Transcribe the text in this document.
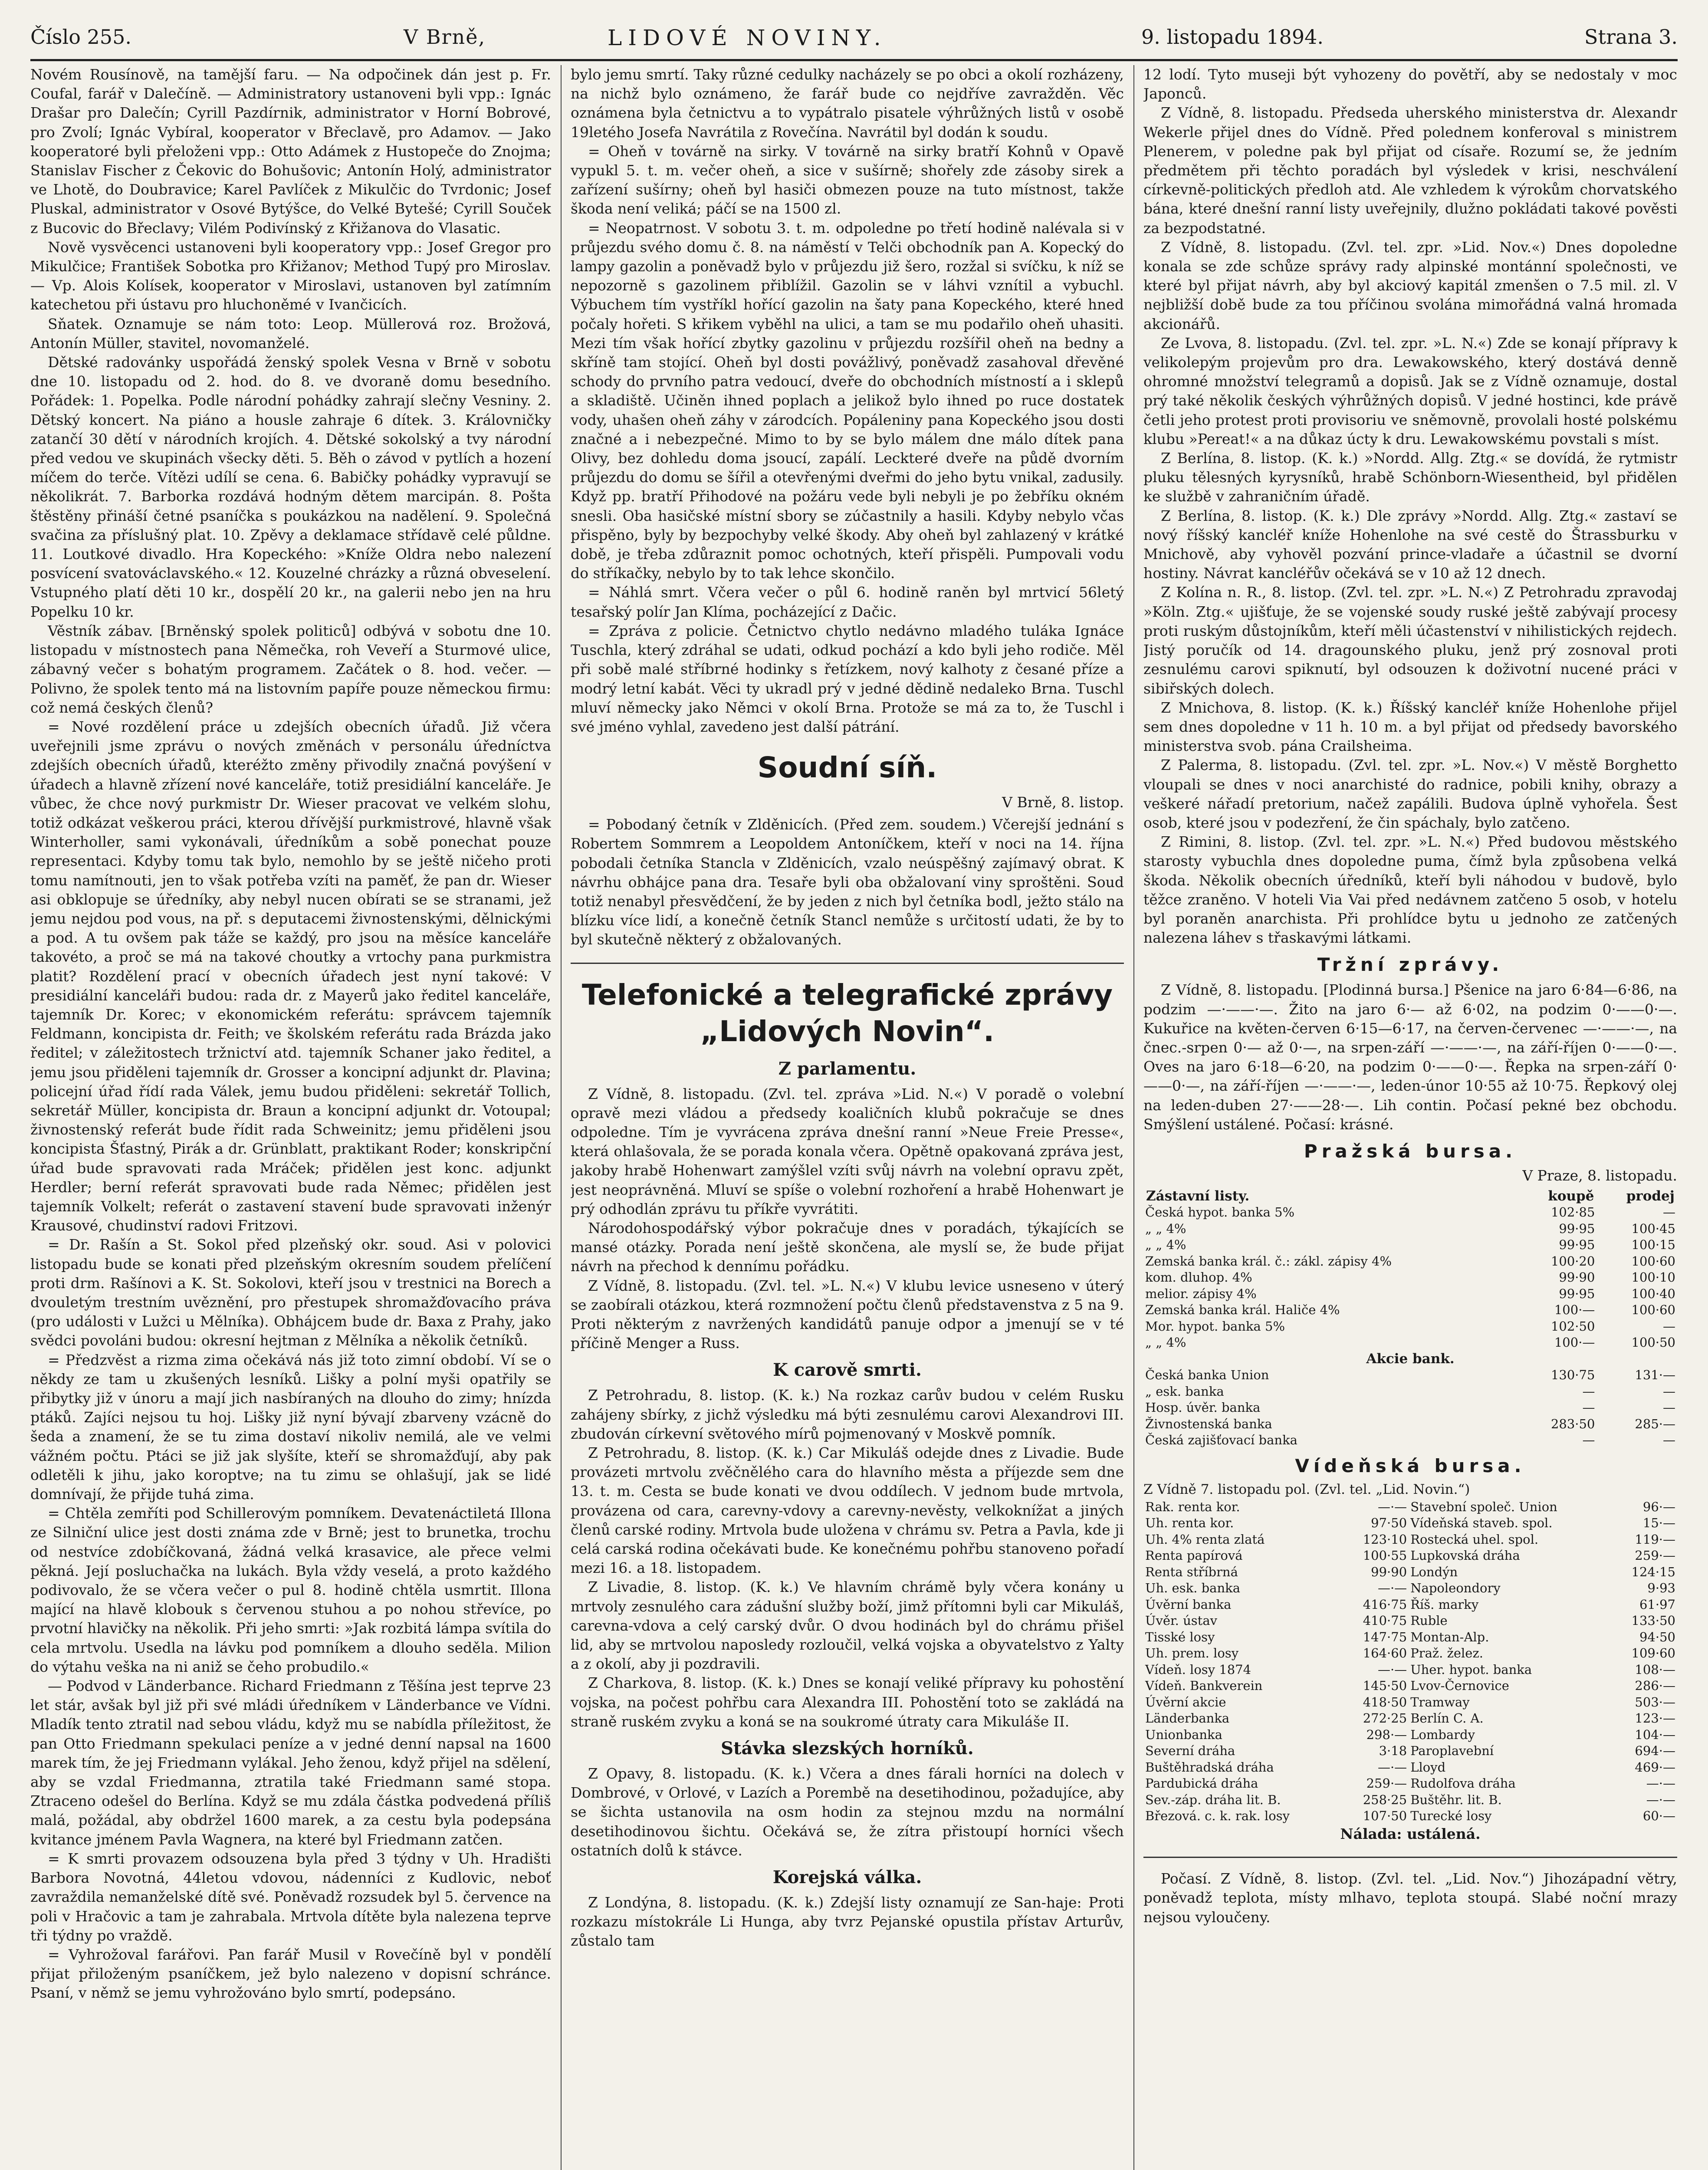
Číslo 255.	V Brně,	LIDOVÉ NOVINY.	9. listopadu 1894.	Strana 3.

Novém Rousínově, na tamější faru. — Na odpočinek dán jest p. Fr. Coufal, farář v Dalečíně. — Administratory ustanoveni byli vpp.: Ignác Drašar pro Dalečín; Cyrill Pazdírnik, administrator v Horní Bobrové, pro Zvolí; Ignác Vybíral, kooperator v Břeclavě, pro Adamov. — Jako kooperatoré byli přeloženi vpp.: Otto Adámek z Hustopeče do Znojma; Stanislav Fischer z Čekovic do Bohušovic; Antonín Holý, administrator ve Lhotě, do Doubravice; Karel Pavlíček z Mikulčic do Tvrdonic; Josef Pluskal, administrator v Osové Bytýšce, do Velké Bytešé; Cyrill Souček z Bucovic do Břeclavy; Vilém Podivínský z Křižanova do Vlasatic.

Nově vysvěcenci ustanoveni byli kooperatory vpp.: Josef Gregor pro Mikulčice; František Sobotka pro Křižanov; Method Tupý pro Miroslav. — Vp. Alois Kolísek, kooperator v Miroslavi, ustanoven byl zatímním katechetou při ústavu pro hluchoněmé v Ivančicích.

Sňatek. Oznamuje se nám toto: Leop. Müllerová roz. Brožová, Antonín Müller, stavitel, novomanželé.

Dětské radovánky uspořádá ženský spolek Vesna v Brně v sobotu dne 10. listopadu od 2. hod. do 8. ve dvoraně domu besedního. Pořádek: 1. Popelka. Podle národní pohádky zahrají slečny Vesniny. 2. Dětský koncert. Na piáno a housle zahraje 6 dítek. 3. Královničky zatančí 30 dětí v národních krojích. 4. Dětské sokolský a tvy národní před vedou ve skupinách všecky děti. 5. Běh o závod v pytlích a hození míčem do terče. Vítězi udílí se cena. 6. Babičky pohádky vypravují se několikrát. 7. Barborka rozdává hodným dětem marcipán. 8. Pošta štěstěny přináší četné psaníčka s poukázkou na nadělení. 9. Společná svačina za příslušný plat. 10. Zpěvy a deklamace střídavě celé půldne. 11. Loutkové divadlo. Hra Kopeckého: »Kníže Oldra nebo nalezení posvícení svatováclavského.« 12. Kouzelné chrázky a různá obveselení. Vstupného platí děti 10 kr., dospělí 20 kr., na galerii nebo jen na hru Popelku 10 kr.

Věstník zábav. [Brněnský spolek politiců] odbývá v sobotu dne 10. listopadu v místnostech pana Němečka, roh Veveří a Sturmové ulice, zábavný večer s bohatým programem. Začátek o 8. hod. večer. — Polivno, že spolek tento má na listovním papíře pouze německou firmu: což nemá českých členů?

= Nové rozdělení práce u zdejších obecních úřadů. Již včera uveřejnili jsme zprávu o nových změnách v personálu úředníctva zdejších obecních úřadů, kteréžto změny přivodily značná povýšení v úřadech a hlavně zřízení nové kanceláře, totiž presidiální kanceláře. Je vůbec, že chce nový purkmistr Dr. Wieser pracovat ve velkém slohu, totiž odkázat veškerou práci, kterou dřívější purkmistrové, hlavně však Winterholler, sami vykonávali, úředníkům a sobě ponechat pouze representaci. Kdyby tomu tak bylo, nemohlo by se ještě ničeho proti tomu namítnouti, jen to však potřeba vzíti na paměť, že pan dr. Wieser asi obklopuje se úředníky, aby nebyl nucen obírati se se stranami, jež jemu nejdou pod vous, na př. s deputacemi živnostenskými, dělnickými a pod. A tu ovšem pak táže se každý, pro jsou na měsíce kanceláře takovéto, a proč se má na takové choutky a vrtochy pana purkmistra platit? Rozdělení prací v obecních úřadech jest nyní takové: V presidiální kanceláři budou: rada dr. z Mayerů jako ředitel kanceláře, tajemník Dr. Korec; v ekonomickém referátu: správcem tajemník Feldmann, koncipista dr. Feith; ve školském referátu rada Brázda jako ředitel; v záležitostech tržnictví atd. tajemník Schaner jako ředitel, a jemu jsou přiděleni tajemník dr. Grosser a koncipní adjunkt dr. Plavina; policejní úřad řídí rada Válek, jemu budou přiděleni: sekretář Tollich, sekretář Müller, koncipista dr. Braun a koncipní adjunkt dr. Votoupal; živnostenský referát bude řídit rada Schweinitz; jemu přiděleni jsou koncipista Šťastný, Pirák a dr. Grünblatt, praktikant Roder; konskripční úřad bude spravovati rada Mráček; přidělen jest konc. adjunkt Herdler; berní referát spravovati bude rada Němec; přidělen jest tajemník Volkelt; referát o zastavení stavení bude spravovati inženýr Krausové, chudinství radovi Fritzovi.

= Dr. Rašín a St. Sokol před plzeňský okr. soud. Asi v polovici listopadu bude se konati před plzeňským okresním soudem přelíčení proti drm. Rašínovi a K. St. Sokolovi, kteří jsou v trestnici na Borech a dvouletým trestním uvěznění, pro přestupek shromažďovacího práva (pro události v Lužci u Mělníka). Obhájcem bude dr. Baxa z Prahy, jako svědci povoláni budou: okresní hejtman z Mělníka a několik četníků.

= Předzvěst a rizma zima očekává nás již toto zimní období. Ví se o někdy ze tam u zkušených lesníků. Lišky a polní myši opatřily se přibytky již v únoru a mají jich nasbíraných na dlouho do zimy; hnízda ptáků. Zajíci nejsou tu hoj. Lišky již nyní bývají zbarveny vzácně do šeda a znamení, že se tu zima dostaví nikoliv nemilá, ale ve velmi vážném počtu. Ptáci se již jak slyšíte, kteří se shromažďují, aby pak odletěli k jihu, jako koroptve; na tu zimu se ohlašují, jak se lidé domnívají, že přijde tuhá zima.

= Chtěla zemříti pod Schillerovým pomníkem. Devatenáctiletá Illona ze Silniční ulice jest dosti známa zde v Brně; jest to brunetka, trochu od nestvíce zdobíčkovaná, žádná velká krasavice, ale přece velmi pěkná. Její posluchačka na lukách. Byla vždy veselá, a proto každého podivovalo, že se včera večer o pul 8. hodině chtěla usmrtit. Illona mající na hlavě klobouk s červenou stuhou a po nohou střevíce, po prvotní hlavičky na několik. Při jeho smrti: »Jak rozbitá lámpa svítila do cela mrtvolu. Usedla na lávku pod pomníkem a dlouho seděla. Milion do výtahu veška na ni aniž se čeho probudilo.«

— Podvod v Länderbance. Richard Friedmann z Těšína jest teprve 23 let stár, avšak byl již při své mládi úředníkem v Länderbance ve Vídni. Mladík tento ztratil nad sebou vládu, když mu se nabídla příležitost, že pan Otto Friedmann spekulaci peníze a v jedné denní napsal na 1600 marek tím, že jej Friedmann vylákal. Jeho ženou, když přijel na sdělení, aby se vzdal Friedmanna, ztratila také Friedmann samé stopa. Ztraceno odešel do Berlína. Když se mu zdála částka podvedená příliš malá, požádal, aby obdržel 1600 marek, a za cestu byla podepsána kvitance jménem Pavla Wagnera, na které byl Friedmann zatčen.

= K smrti provazem odsouzena byla před 3 týdny v Uh. Hradišti Barbora Novotná, 44letou vdovou, nádenníci z Kudlovic, neboť zavraždila nemanželské dítě své. Poněvadž rozsudek byl 5. července na poli v Hračovic a tam je zahrabala. Mrtvola dítěte byla nalezena teprve tři týdny po vraždě.

= Vyhrožoval farářovi. Pan farář Musil v Rovečíně byl v pondělí přijat přiloženým psaníčkem, jež bylo nalezeno v dopisní schránce. Psaní, v němž se jemu vyhrožováno bylo smrtí, podepsáno.

bylo jemu smrtí. Taky různé cedulky nacházely se po obci a okolí rozházeny, na nichž bylo oznámeno, že farář bude co nejdříve zavražděn. Věc oznámena byla četnictvu a to vypátralo pisatele výhrůžných listů v osobě 19letého Josefa Navrátila z Rovečína. Navrátil byl dodán k soudu.

= Oheň v továrně na sirky. V továrně na sirky bratří Kohnů v Opavě vypukl 5. t. m. večer oheň, a sice v sušírně; shořely zde zásoby sirek a zařízení sušírny; oheň byl hasiči obmezen pouze na tuto místnost, takže škoda není veliká; páčí se na 1500 zl.

= Neopatrnost. V sobotu 3. t. m. odpoledne po třetí hodině nalévala si v průjezdu svého domu č. 8. na náměstí v Telči obchodník pan A. Kopecký do lampy gazolin a poněvadž bylo v průjezdu již šero, rozžal si svíčku, k níž se nepozorně s gazolinem přiblížil. Gazolin se v láhvi vznítil a vybuchl. Výbuchem tím vystříkl hořící gazolin na šaty pana Kopeckého, které hned počaly hořeti. S křikem vyběhl na ulici, a tam se mu podařilo oheň uhasiti. Mezi tím však hořící zbytky gazolinu v průjezdu rozšířil oheň na bedny a skříně tam stojící. Oheň byl dosti povážlivý, poněvadž zasahoval dřevěné schody do prvního patra vedoucí, dveře do obchodních místností a i sklepů a skladiště. Učiněn ihned poplach a jelikož bylo ihned po ruce dostatek vody, uhašen oheň záhy v zárodcích. Popáleniny pana Kopeckého jsou dosti značné a i nebezpečné. Mimo to by se bylo málem dne málo dítek pana Olivy, bez dohledu doma jsoucí, zapálí. Leckteré dveře na půdě dvorním průjezdu do domu se šířil a otevřenými dveřmi do jeho bytu vnikal, zadusily. Když pp. bratří Přihodové na požáru vede byli nebyli je po žebříku okném snesli. Oba hasičské místní sbory se zúčastnily a hasili. Kdyby nebylo včas přispěno, byly by bezpochyby velké škody. Aby oheň byl zahlazený v krátké době, je třeba zdůraznit pomoc ochotných, kteří přispěli. Pumpovali vodu do stříkačky, nebylo by to tak lehce skončilo.

= Náhlá smrt. Včera večer o půl 6. hodině raněn byl mrtvicí 56letý tesařský polír Jan Klíma, pocházející z Dačic.

= Zpráva z policie. Četnictvo chytlo nedávno mladého tuláka Ignáce Tuschla, který zdráhal se udati, odkud pochází a kdo byli jeho rodiče. Měl při sobě malé stříbrné hodinky s řetízkem, nový kalhoty z česané příze a modrý letní kabát. Věci ty ukradl prý v jedné dědině nedaleko Brna. Tuschl mluví německy jako Němci v okolí Brna. Protože se má za to, že Tuschl i své jméno vyhlal, zavedeno jest další pátrání.

Soudní síň.
V Brně, 8. listop.

= Pobodaný četník v Zlděnicích. (Před zem. soudem.) Včerejší jednání s Robertem Sommrem a Leopoldem Antoníčkem, kteří v noci na 14. října pobodali četníka Stancla v Zlděnicích, vzalo neúspěšný zajímavý obrat. K návrhu obhájce pana dra. Tesaře byli oba obžalovaní viny sproštěni. Soud totiž nenabyl přesvědčení, že by jeden z nich byl četníka bodl, ježto stálo na blízku více lidí, a konečně četník Stancl nemůže s určitostí udati, že by to byl skutečně některý z obžalovaných.

Telefonické a telegrafické zprávy „Lidových Novin“.
Z parlamentu.

Z Vídně, 8. listopadu. (Zvl. tel. zpráva »Lid. N.«) V poradě o volební opravě mezi vládou a předsedy koaličních klubů pokračuje se dnes odpoledne. Tím je vyvrácena zpráva dnešní ranní »Neue Freie Presse«, která ohlašovala, že se porada konala včera. Opětně opakovaná zpráva jest, jakoby hrabě Hohenwart zamýšlel vzíti svůj návrh na volební opravu zpět, jest neoprávněná. Mluví se spíše o volební rozhoření a hrabě Hohenwart je prý odhodlán zprávu tu příkře vyvrátiti.

Národohospodářský výbor pokračuje dnes v poradách, týkajících se mansé otázky. Porada není ještě skončena, ale myslí se, že bude přijat návrh na přechod k dennímu pořádku.

Z Vídně, 8. listopadu. (Zvl. tel. »L. N.«) V klubu levice usneseno v úterý se zaobírali otázkou, která rozmnožení počtu členů představenstva z 5 na 9. Proti některým z navržených kandidátů panuje odpor a jmenují se v té příčině Menger a Russ.

K carově smrti.

Z Petrohradu, 8. listop. (K. k.) Na rozkaz carův budou v celém Rusku zahájeny sbírky, z jichž výsledku má býti zesnulému carovi Alexandrovi III. zbudován církevní světového mírů pojmenovaný v Moskvě pomník.

Z Petrohradu, 8. listop. (K. k.) Car Mikuláš odejde dnes z Livadie. Bude provázeti mrtvolu zvěčnělého cara do hlavního města a příjezde sem dne 13. t. m. Cesta se bude konati ve dvou oddílech. V jednom bude mrtvola, provázena od cara, carevny-vdovy a carevny-nevěsty, velkoknížat a jiných členů carské rodiny. Mrtvola bude uložena v chrámu sv. Petra a Pavla, kde ji celá carská rodina očekávati bude. Ke konečnému pohřbu stanoveno pořadí mezi 16. a 18. listopadem.

Z Livadie, 8. listop. (K. k.) Ve hlavním chrámě byly včera konány u mrtvoly zesnulého cara zádušní služby boží, jimž přítomni byli car Mikuláš, carevna-vdova a celý carský dvůr. O dvou hodinách byl do chrámu přišel lid, aby se mrtvolou naposledy rozloučil, velká vojska a obyvatelstvo z Yalty a z okolí, aby ji pozdravili.

Z Charkova, 8. listop. (K. k.) Dnes se konají veliké přípravy ku pohostění vojska, na počest pohřbu cara Alexandra III. Pohostění toto se zakládá na straně ruském zvyku a koná se na soukromé útraty cara Mikuláše II.

Stávka slezských horníků.

Z Opavy, 8. listopadu. (K. k.) Včera a dnes fárali horníci na dolech v Dombrové, v Orlové, v Lazích a Porembě na desetihodinou, požadujíce, aby se šichta ustanovila na osm hodin za stejnou mzdu na normální desetihodinovou šichtu. Očekává se, že zítra přistoupí horníci všech ostatních dolů k stávce.

Korejská válka.

Z Londýna, 8. listopadu. (K. k.) Zdejší listy oznamují ze San-haje: Proti rozkazu místokrále Li Hunga, aby tvrz Pejanské opustila přístav Arturův, zůstalo tam

12 lodí. Tyto museji být vyhozeny do povětří, aby se nedostaly v moc Japonců.

Z Vídně, 8. listopadu. Předseda uherského ministerstva dr. Alexandr Wekerle přijel dnes do Vídně. Před polednem konferoval s ministrem Plenerem, v poledne pak byl přijat od císaře. Rozumí se, že jedním předmětem při těchto poradách byl výsledek v krisi, neschválení církevně-politických předloh atd. Ale vzhledem k výrokům chorvatského bána, které dnešní ranní listy uveřejnily, dlužno pokládati takové pověsti za bezpodstatné.

Z Vídně, 8. listopadu. (Zvl. tel. zpr. »Lid. Nov.«) Dnes dopoledne konala se zde schůze správy rady alpinské montánní společnosti, ve které byl přijat návrh, aby byl akciový kapitál zmenšen o 7.5 mil. zl. V nejbližší době bude za tou příčinou svolána mimořádná valná hromada akcionářů.

Ze Lvova, 8. listopadu. (Zvl. tel. zpr. »L. N.«) Zde se konají přípravy k velikolepým projevům pro dra. Lewakowského, který dostává denně ohromné množství telegramů a dopisů. Jak se z Vídně oznamuje, dostal prý také několik českých výhrůžných dopisů. V jedné hostinci, kde právě četli jeho protest proti provisoriu ve sněmovně, provolali hosté polskému klubu »Pereat!« a na důkaz úcty k dru. Lewakowskému povstali s míst.

Z Berlína, 8. listop. (K. k.) »Nordd. Allg. Ztg.« se dovídá, že rytmistr pluku tělesných kyrysníků, hrabě Schönborn-Wiesentheid, byl přidělen ke službě v zahraničním úřadě.

Z Berlína, 8. listop. (K. k.) Dle zprávy »Nordd. Allg. Ztg.« zastaví se nový říšský kancléř kníže Hohenlohe na své cestě do Štrassburku v Mnichově, aby vyhověl pozvání prince-vladaře a účastnil se dvorní hostiny. Návrat kancléřův očekává se v 10 až 12 dnech.

Z Kolína n. R., 8. listop. (Zvl. tel. zpr. »L. N.«) Z Petrohradu zpravodaj »Köln. Ztg.« ujišťuje, že se vojenské soudy ruské ještě zabývají procesy proti ruským důstojníkům, kteří měli účastenství v nihilistických rejdech. Jistý poručík od 14. dragounského pluku, jenž prý zosnoval proti zesnulému carovi spiknutí, byl odsouzen k doživotní nucené práci v sibiřských dolech.

Z Mnichova, 8. listop. (K. k.) Říšský kancléř kníže Hohenlohe přijel sem dnes dopoledne v 11 h. 10 m. a byl přijat od předsedy bavorského ministerstva svob. pána Crailsheima.

Z Palerma, 8. listopadu. (Zvl. tel. zpr. »L. Nov.«) V městě Borghetto vloupali se dnes v noci anarchisté do radnice, pobili knihy, obrazy a veškeré nářadí pretorium, načež zapálili. Budova úplně vyhořela. Šest osob, které jsou v podezření, že čin spáchaly, bylo zatčeno.

Z Rimini, 8. listop. (Zvl. tel. zpr. »L. N.«) Před budovou městského starosty vybuchla dnes dopoledne puma, čímž byla způsobena velká škoda. Několik obecních úředníků, kteří byli náhodou v budově, bylo těžce zraněno. V hoteli Via Vai před nedávnem zatčeno 5 osob, v hotelu byl poraněn anarchista. Při prohlídce bytu u jednoho ze zatčených nalezena láhev s třaskavými látkami.

Tržní zprávy.

Z Vídně, 8. listopadu. [Plodinná bursa.] Pšenice na jaro 6·84—6·86, na podzim —·——·—. Žito na jaro 6·— až 6·02, na podzim 0·——0·—. Kukuřice na květen-červen 6·15—6·17, na červen-červenec —·——·—, na čnec.-srpen 0·— až 0·—, na srpen-září —·——·—, na září-říjen 0·——0·—. Oves na jaro 6·18—6·20, na podzim 0·——0·—. Řepka na srpen-září 0·——0·—, na září-říjen —·——·—, leden-únor 10·55 až 10·75. Řepkový olej na leden-duben 27·——28·—. Lih contin. Počasí pekné bez obchodu. Smýšlení ustálené. Počasí: krásné.

Pražská bursa.
V Praze, 8. listopadu.
Zástavní listy.	koupě	prodej
Česká hypot. banka 5%	102·85	—
„ „ 4%	99·95	100·45
„ „ 4%	99·95	100·15
Zemská banka král. č.: zákl. zápisy 4%	100·20	100·60
kom. dluhop. 4%	99·90	100·10
melior. zápisy 4%	99·95	100·40
Zemská banka král. Haliče 4%	100·—	100·60
Mor. hypot. banka 5%	102·50	—
„ „ 4%	100·—	100·50
Akcie bank.		
Česká banka Union	130·75	131·—
„ esk. banka	—	—
Hosp. úvěr. banka	—	—
Živnostenská banka	283·50	285·—
Česká zajišťovací banka	—	—
Vídeňská bursa.
Z Vídně 7. listopadu pol. (Zvl. tel. „Lid. Novin.“)
Rak. renta kor.	—·—	Stavební společ. Union	96·—
Uh. renta kor.	97·50	Vídeňská staveb. spol.	15·—
Uh. 4% renta zlatá	123·10	Rostecká uhel. spol.	119·—
Renta papírová	100·55	Lupkovská dráha	259·—
Renta stříbrná	99·90	Londýn	124·15
Uh. esk. banka	—·—	Napoleondory	9·93
Úvěrní banka	416·75	Říš. marky	61·97
Úvěr. ústav	410·75	Ruble	133·50
Tisské losy	147·75	Montan-Alp.	94·50
Uh. prem. losy	164·60	Praž. želez.	109·60
Vídeň. losy 1874	—·—	Uher. hypot. banka	108·—
Vídeň. Bankverein	145·50	Lvov-Černovice	286·—
Úvěrní akcie	418·50	Tramway	503·—
Länderbanka	272·25	Berlín C. A.	123·—
Unionbanka	298·—	Lombardy	104·—
Severní dráha	3·18	Paroplavební	694·—
Buštěhradská dráha	—·—	Lloyd	469·—
Pardubická dráha	259·—	Rudolfova dráha	—·—
Sev.-záp. dráha lit. B.	258·25	Buštěhr. lit. B.	—·—
Březová. c. k. rak. losy	107·50	Turecké losy	60·—

Nálada: ustálená.

Počasí. Z Vídně, 8. listop. (Zvl. tel. „Lid. Nov.“) Jihozápadní větry, poněvadž teplota, místy mlhavo, teplota stoupá. Slabé noční mrazy nejsou vyloučeny.
